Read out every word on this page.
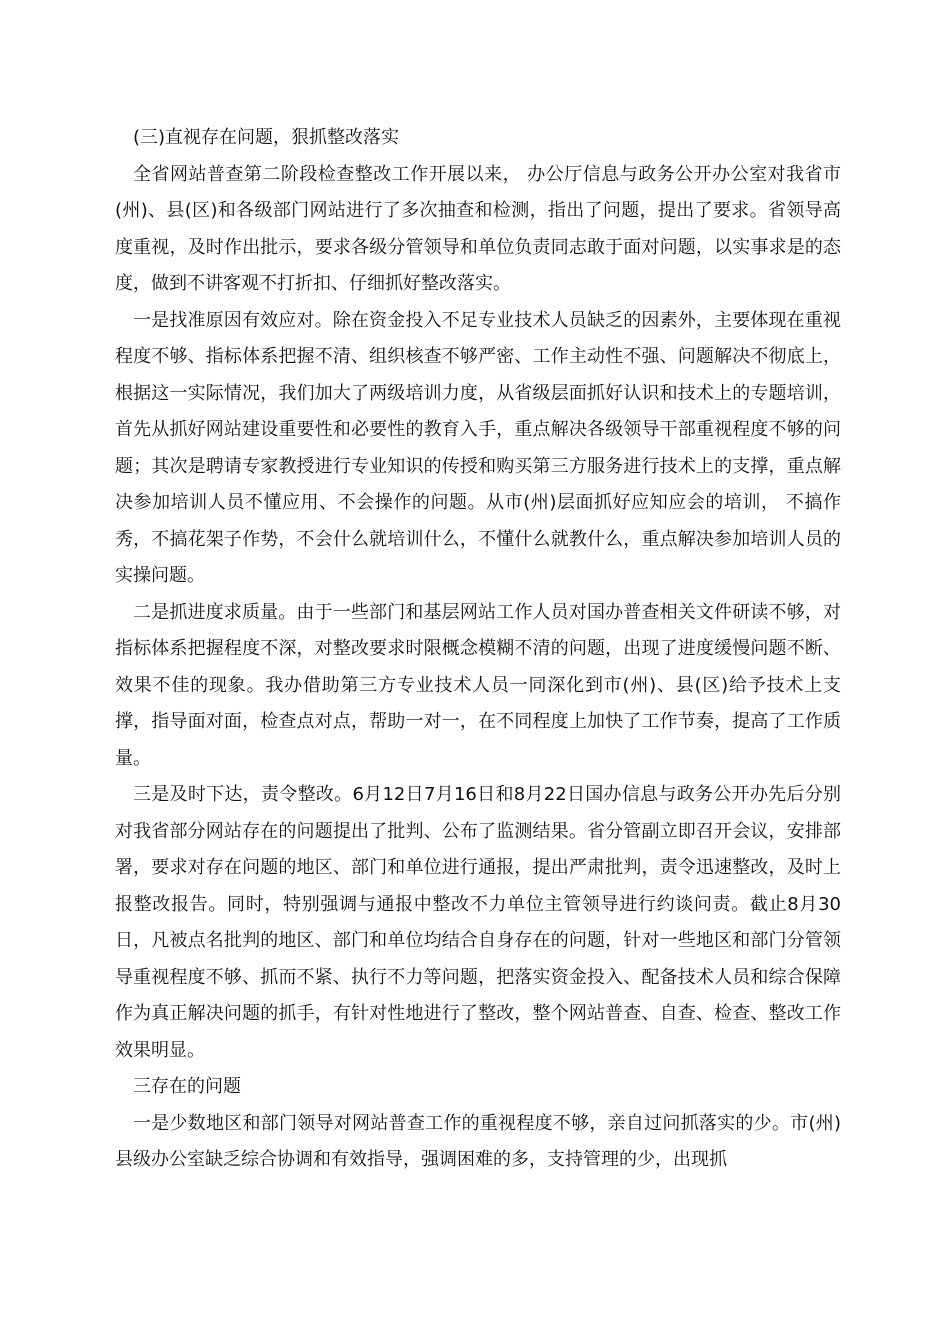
(三)直视存在问题，狠抓整改落实

全省网站普查第二阶段检查整改工作开展以来， 办公厅信息与政务公开办公室对我省市(州)、县(区)和各级部门网站进行了多次抽查和检测，指出了问题，提出了要求。省领导高度重视，及时作出批示，要求各级分管领导和单位负责同志敢于面对问题，以实事求是的态度，做到不讲客观不打折扣、仔细抓好整改落实。

一是找准原因有效应对。除在资金投入不足专业技术人员缺乏的因素外，主要体现在重视程度不够、指标体系把握不清、组织核查不够严密、工作主动性不强、问题解决不彻底上，根据这一实际情况，我们加大了两级培训力度，从省级层面抓好认识和技术上的专题培训，首先从抓好网站建设重要性和必要性的教育入手，重点解决各级领导干部重视程度不够的问题；其次是聘请专家教授进行专业知识的传授和购买第三方服务进行技术上的支撑，重点解决参加培训人员不懂应用、不会操作的问题。从市(州)层面抓好应知应会的培训， 不搞作秀，不搞花架子作势，不会什么就培训什么，不懂什么就教什么，重点解决参加培训人员的实操问题。

二是抓进度求质量。由于一些部门和基层网站工作人员对国办普查相关文件研读不够，对指标体系把握程度不深，对整改要求时限概念模糊不清的问题，出现了进度缓慢问题不断、效果不佳的现象。我办借助第三方专业技术人员一同深化到市(州)、县(区)给予技术上支撑，指导面对面，检查点对点，帮助一对一，在不同程度上加快了工作节奏，提高了工作质量。

三是及时下达，责令整改。6月12日7月16日和8月22日国办信息与政务公开办先后分别对我省部分网站存在的问题提出了批判、公布了监测结果。省分管副立即召开会议，安排部署，要求对存在问题的地区、部门和单位进行通报，提出严肃批判，责令迅速整改，及时上报整改报告。同时，特别强调与通报中整改不力单位主管领导进行约谈问责。截止8月30日，凡被点名批判的地区、部门和单位均结合自身存在的问题，针对一些地区和部门分管领导重视程度不够、抓而不紧、执行不力等问题，把落实资金投入、配备技术人员和综合保障作为真正解决问题的抓手，有针对性地进行了整改，整个网站普查、自查、检查、整改工作效果明显。

三存在的问题

一是少数地区和部门领导对网站普查工作的重视程度不够，亲自过问抓落实的少。市(州)县级办公室缺乏综合协调和有效指导，强调困难的多，支持管理的少，出现抓
